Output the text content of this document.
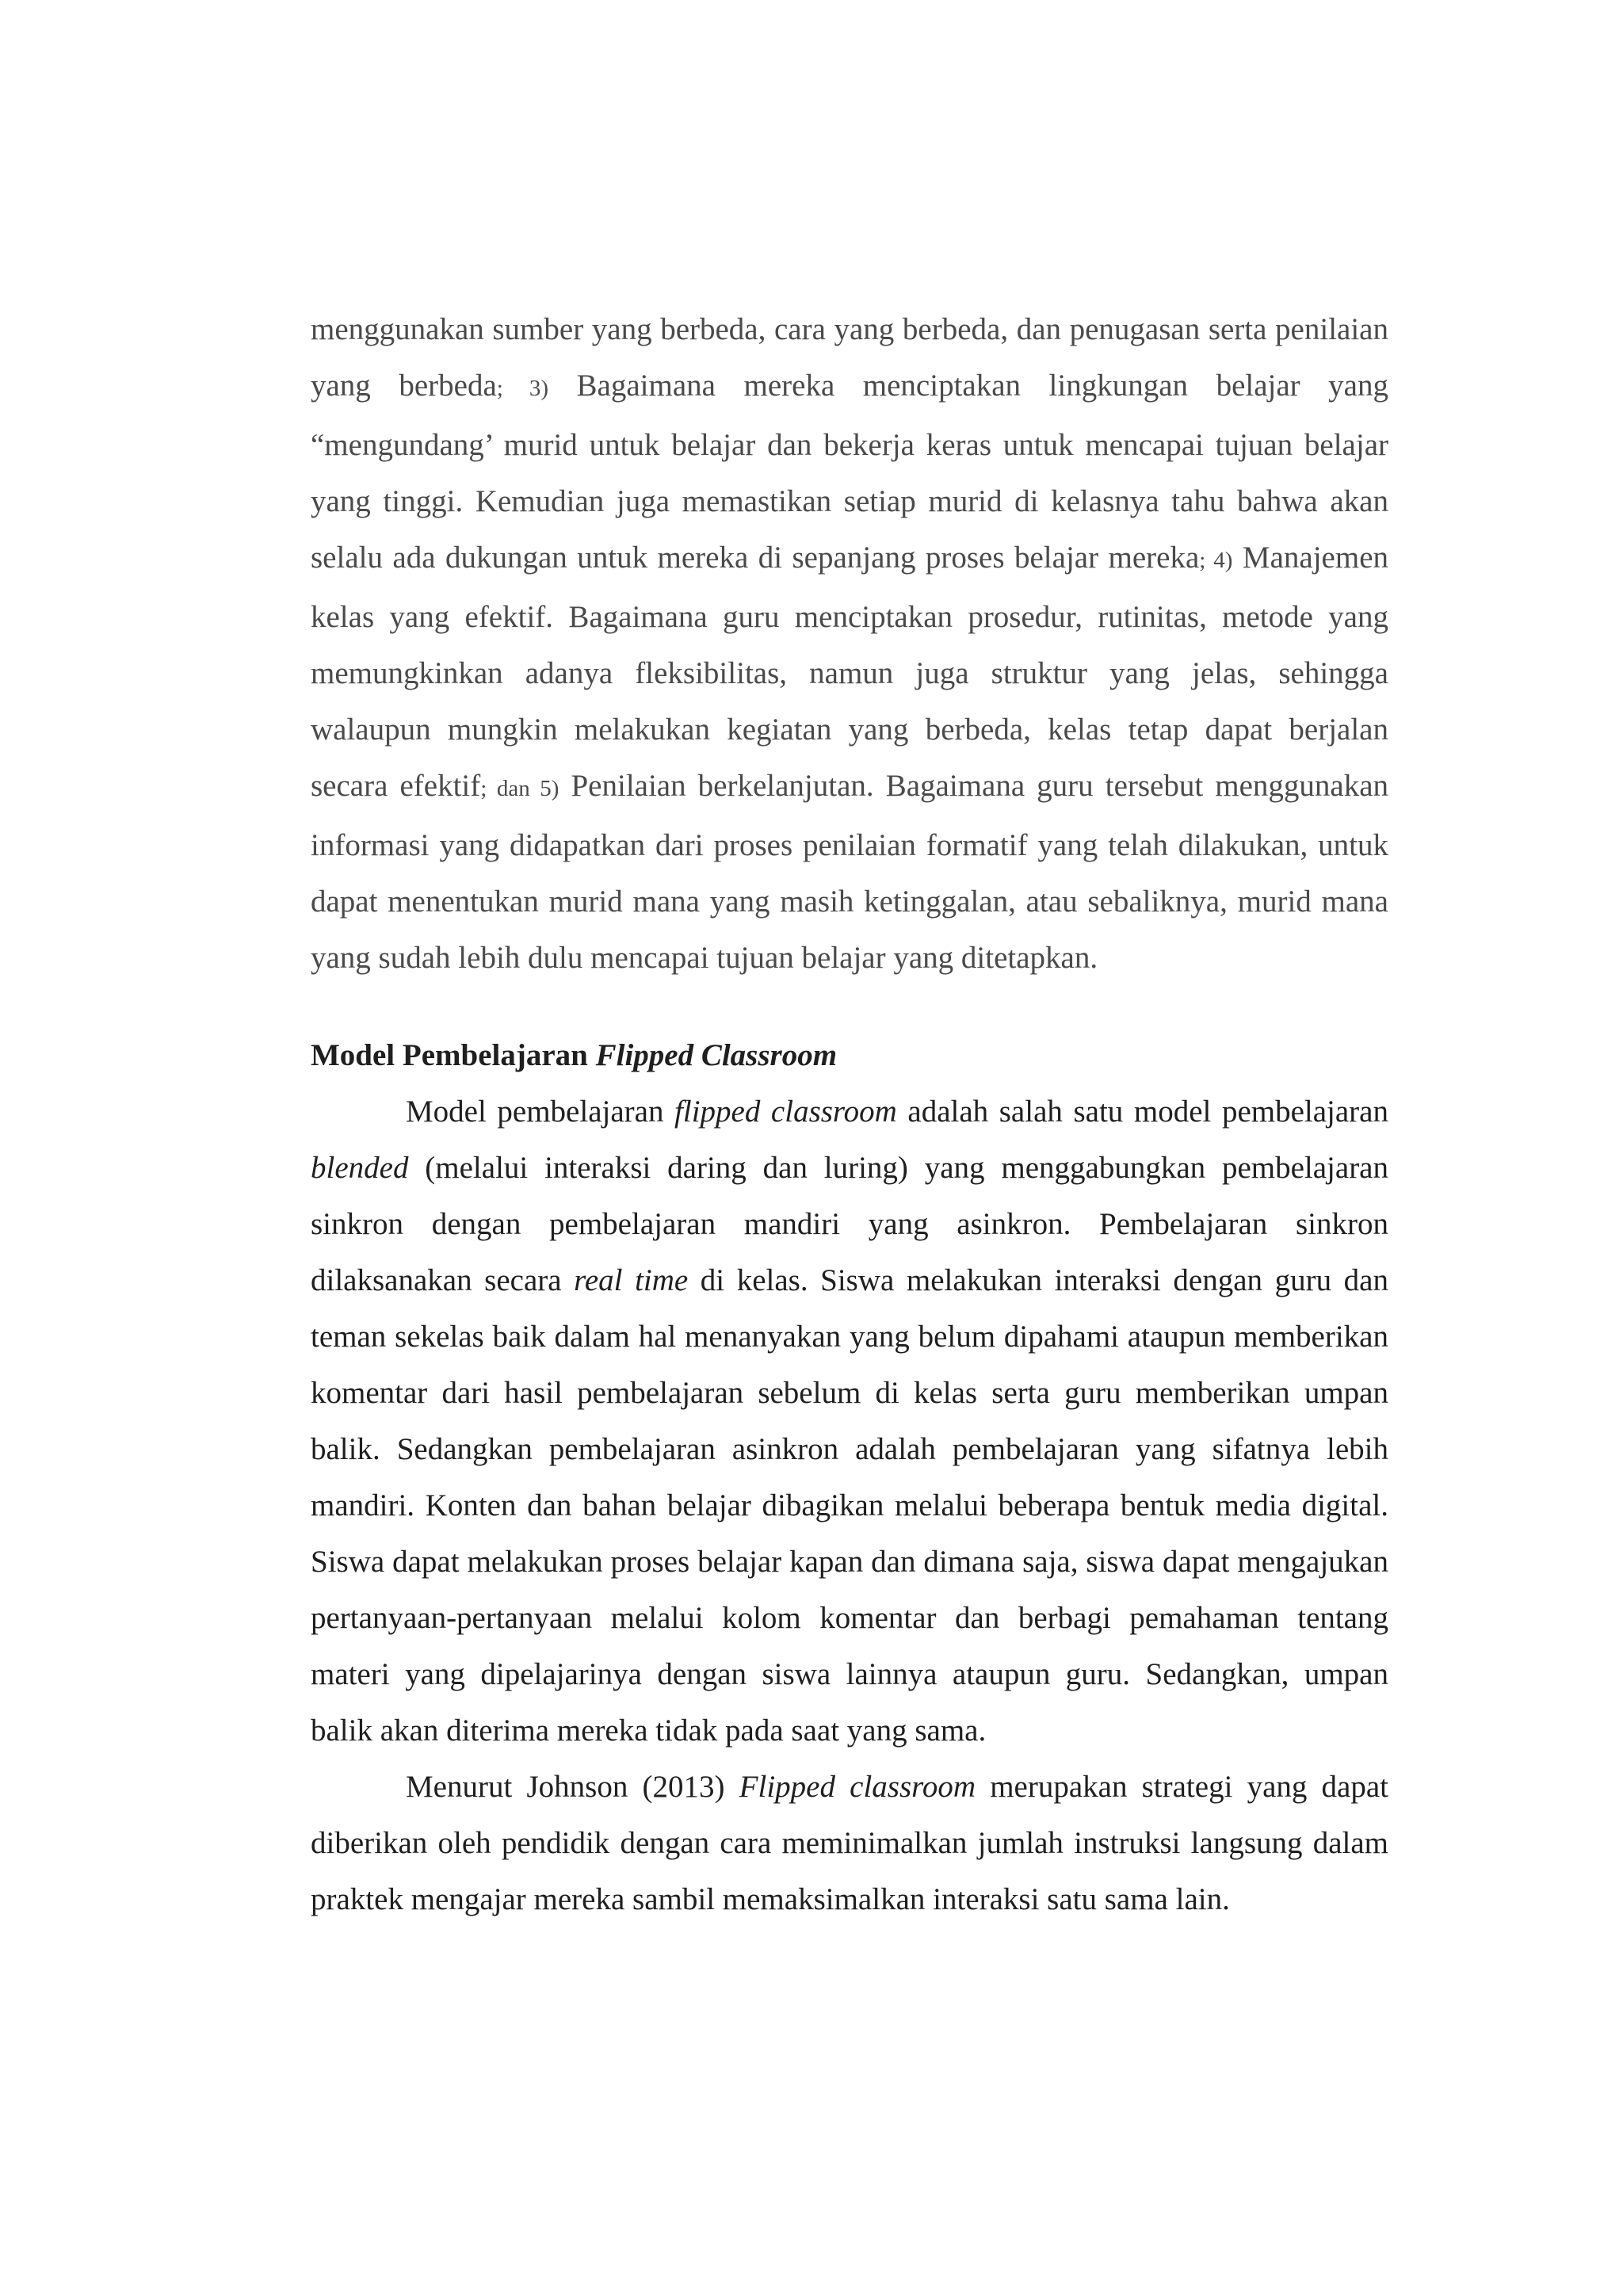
menggunakan sumber yang berbeda, cara yang berbeda, dan penugasan serta penilaian yang berbeda; 3) Bagaimana mereka menciptakan lingkungan belajar yang “mengundang’ murid untuk belajar dan bekerja keras untuk mencapai tujuan belajar yang tinggi. Kemudian juga memastikan setiap murid di kelasnya tahu bahwa akan selalu ada dukungan untuk mereka di sepanjang proses belajar mereka; 4) Manajemen kelas yang efektif. Bagaimana guru menciptakan prosedur, rutinitas, metode yang memungkinkan adanya fleksibilitas, namun juga struktur yang jelas, sehingga walaupun mungkin melakukan kegiatan yang berbeda, kelas tetap dapat berjalan secara efektif; dan 5) Penilaian berkelanjutan. Bagaimana guru tersebut menggunakan informasi yang didapatkan dari proses penilaian formatif yang telah dilakukan, untuk dapat menentukan murid mana yang masih ketinggalan, atau sebaliknya, murid mana yang sudah lebih dulu mencapai tujuan belajar yang ditetapkan.

Model Pembelajaran Flipped Classroom

Model pembelajaran flipped classroom adalah salah satu model pembelajaran blended (melalui interaksi daring dan luring) yang menggabungkan pembelajaran sinkron dengan pembelajaran mandiri yang asinkron. Pembelajaran sinkron dilaksanakan secara real time di kelas. Siswa melakukan interaksi dengan guru dan teman sekelas baik dalam hal menanyakan yang belum dipahami ataupun memberikan komentar dari hasil pembelajaran sebelum di kelas serta guru memberikan umpan balik. Sedangkan pembelajaran asinkron adalah pembelajaran yang sifatnya lebih mandiri. Konten dan bahan belajar dibagikan melalui beberapa bentuk media digital. Siswa dapat melakukan proses belajar kapan dan dimana saja, siswa dapat mengajukan pertanyaan-pertanyaan melalui kolom komentar dan berbagi pemahaman tentang materi yang dipelajarinya dengan siswa lainnya ataupun guru. Sedangkan, umpan balik akan diterima mereka tidak pada saat yang sama.

Menurut Johnson (2013) Flipped classroom merupakan strategi yang dapat diberikan oleh pendidik dengan cara meminimalkan jumlah instruksi langsung dalam praktek mengajar mereka sambil memaksimalkan interaksi satu sama lain.
